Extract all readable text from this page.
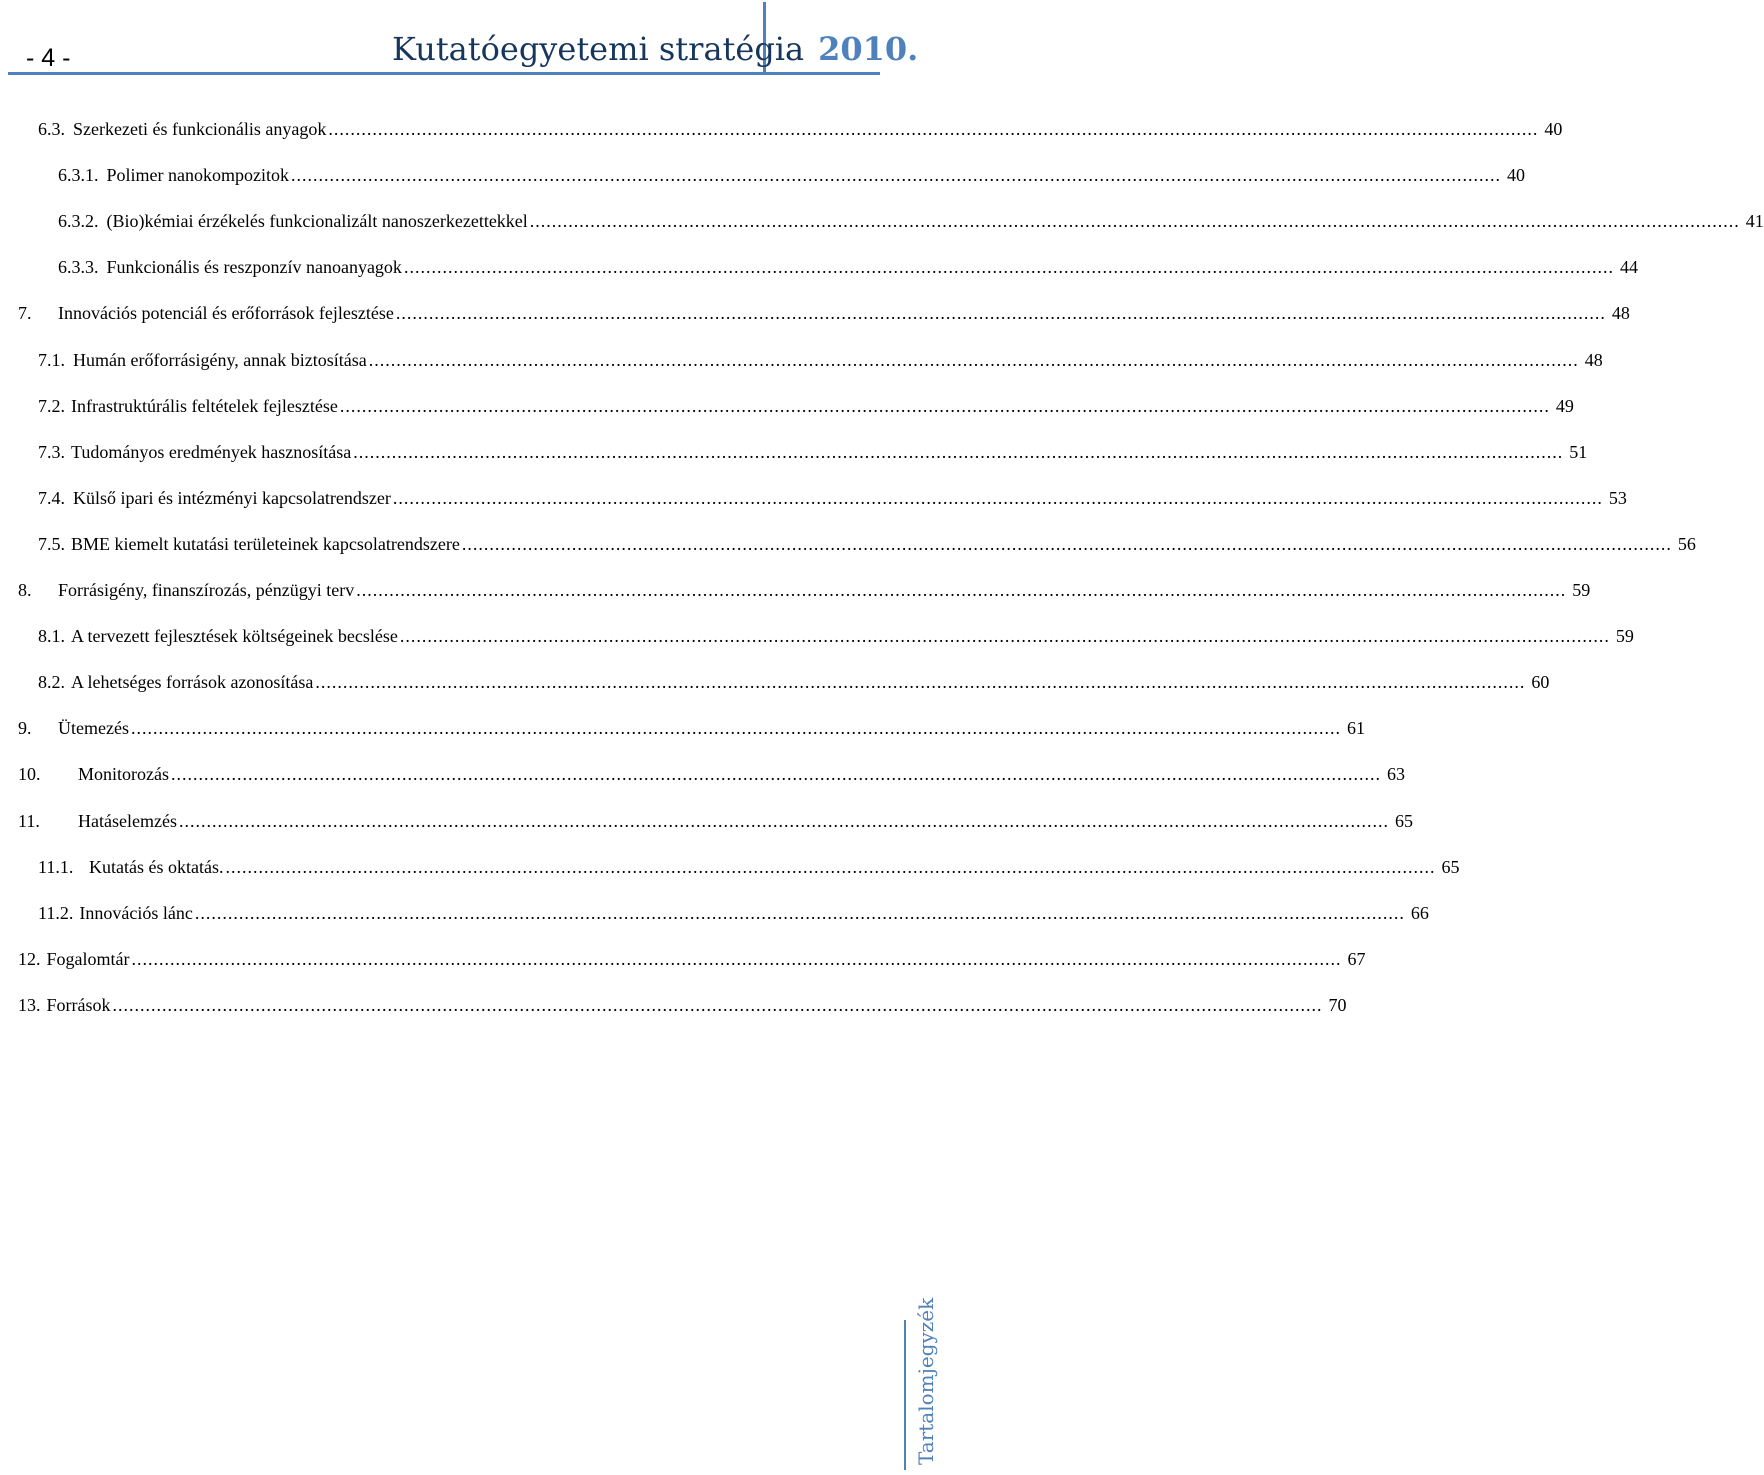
- 4 -	Kutatóegyetemi stratégia 2010.
6.3. Szerkezeti és funkcionális anyagok ............................................................................................................................................................................................................................ 40
6.3.1. Polimer nanokompozitok ............................................................................................................................................................................................................................ 40
6.3.2. (Bio)kémiai érzékelés funkcionalizált nanoszerkezettekkel ............................................................................................................................................................................................................................ 41
6.3.3. Funkcionális és reszponzív nanoanyagok ............................................................................................................................................................................................................................ 44
7.	Innovációs potenciál és erőforrások fejlesztése ............................................................................................................................................................................................................................ 48
7.1. Humán erőforrásigény, annak biztosítása ............................................................................................................................................................................................................................ 48
7.2. Infrastruktúrális feltételek fejlesztése ............................................................................................................................................................................................................................ 49
7.3. Tudományos eredmények hasznosítása ............................................................................................................................................................................................................................ 51
7.4. Külső ipari és intézményi kapcsolatrendszer ............................................................................................................................................................................................................................ 53
7.5. BME kiemelt kutatási területeinek kapcsolatrendszere ............................................................................................................................................................................................................................ 56
8.	Forrásigény, finanszírozás, pénzügyi terv ............................................................................................................................................................................................................................ 59
8.1. A tervezett fejlesztések költségeinek becslése ............................................................................................................................................................................................................................ 59
8.2. A lehetséges források azonosítása ............................................................................................................................................................................................................................ 60
9.	Ütemezés ............................................................................................................................................................................................................................ 61
10.	Monitorozás ............................................................................................................................................................................................................................ 63
11.	Hatáselemzés ............................................................................................................................................................................................................................ 65
11.1. Kutatás és oktatás. ............................................................................................................................................................................................................................ 65
11.2. Innovációs lánc ............................................................................................................................................................................................................................ 66
12. Fogalomtár ............................................................................................................................................................................................................................ 67
13. Források ............................................................................................................................................................................................................................ 70
Tartalomjegyzék
